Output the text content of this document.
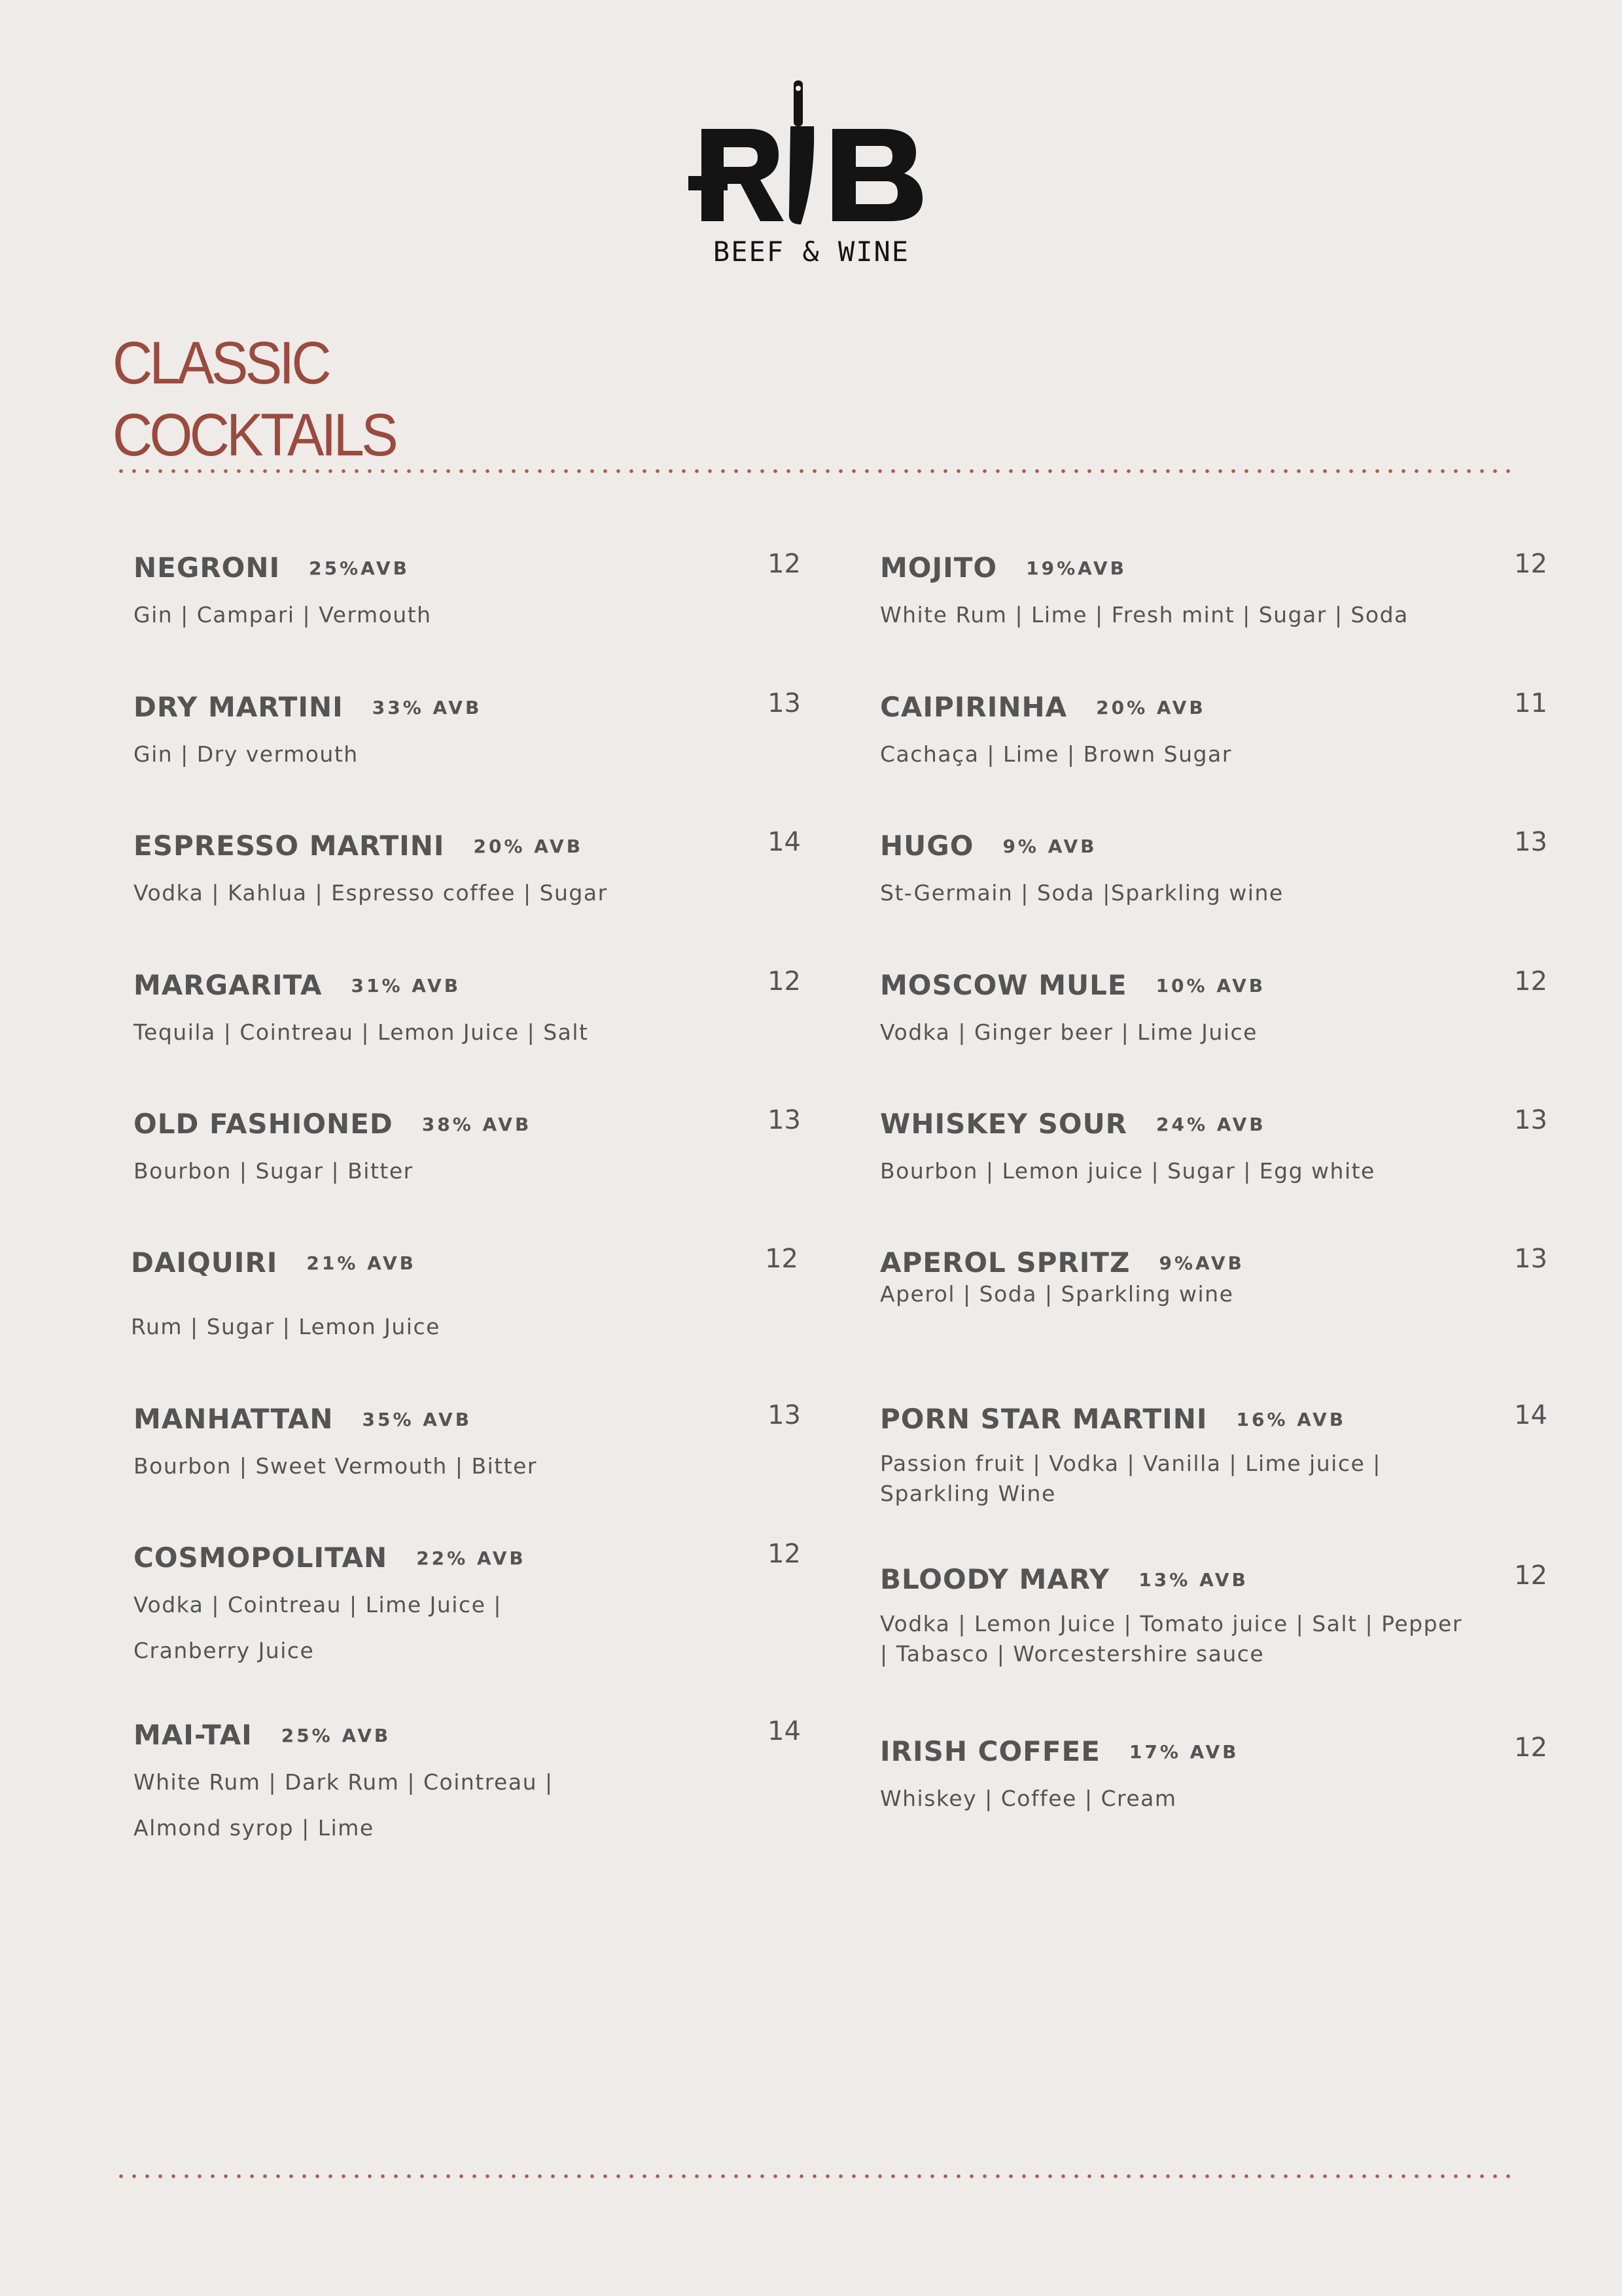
BEEF & WINE
CLASSIC
COCKTAILS
NEGRONI 25%AVB	12
Gin | Campari | Vermouth
DRY MARTINI 33% AVB	13
Gin | Dry vermouth
ESPRESSO MARTINI 20% AVB	14
Vodka | Kahlua | Espresso coffee | Sugar
MARGARITA 31% AVB	12
Tequila | Cointreau | Lemon Juice | Salt
OLD FASHIONED 38% AVB	13
Bourbon | Sugar | Bitter
DAIQUIRI 21% AVB	12
Rum | Sugar | Lemon Juice
MANHATTAN 35% AVB	13
Bourbon | Sweet Vermouth | Bitter
COSMOPOLITAN 22% AVB	12
Vodka | Cointreau | Lime Juice |
Cranberry Juice
MAI-TAI 25% AVB	14
White Rum | Dark Rum | Cointreau |
Almond syrop | Lime
MOJITO 19%AVB	12
White Rum | Lime | Fresh mint | Sugar | Soda
CAIPIRINHA 20% AVB	11
Cachaça | Lime | Brown Sugar
HUGO 9% AVB	13
St-Germain | Soda |Sparkling wine
MOSCOW MULE 10% AVB	12
Vodka | Ginger beer | Lime Juice
WHISKEY SOUR 24% AVB	13
Bourbon | Lemon juice | Sugar | Egg white
APEROL SPRITZ 9%AVB	13
Aperol | Soda | Sparkling wine
PORN STAR MARTINI 16% AVB	14
Passion fruit | Vodka | Vanilla | Lime juice |
Sparkling Wine
BLOODY MARY 13% AVB	12
Vodka | Lemon Juice | Tomato juice | Salt | Pepper
| Tabasco | Worcestershire sauce
IRISH COFFEE 17% AVB	12
Whiskey | Coffee | Cream
